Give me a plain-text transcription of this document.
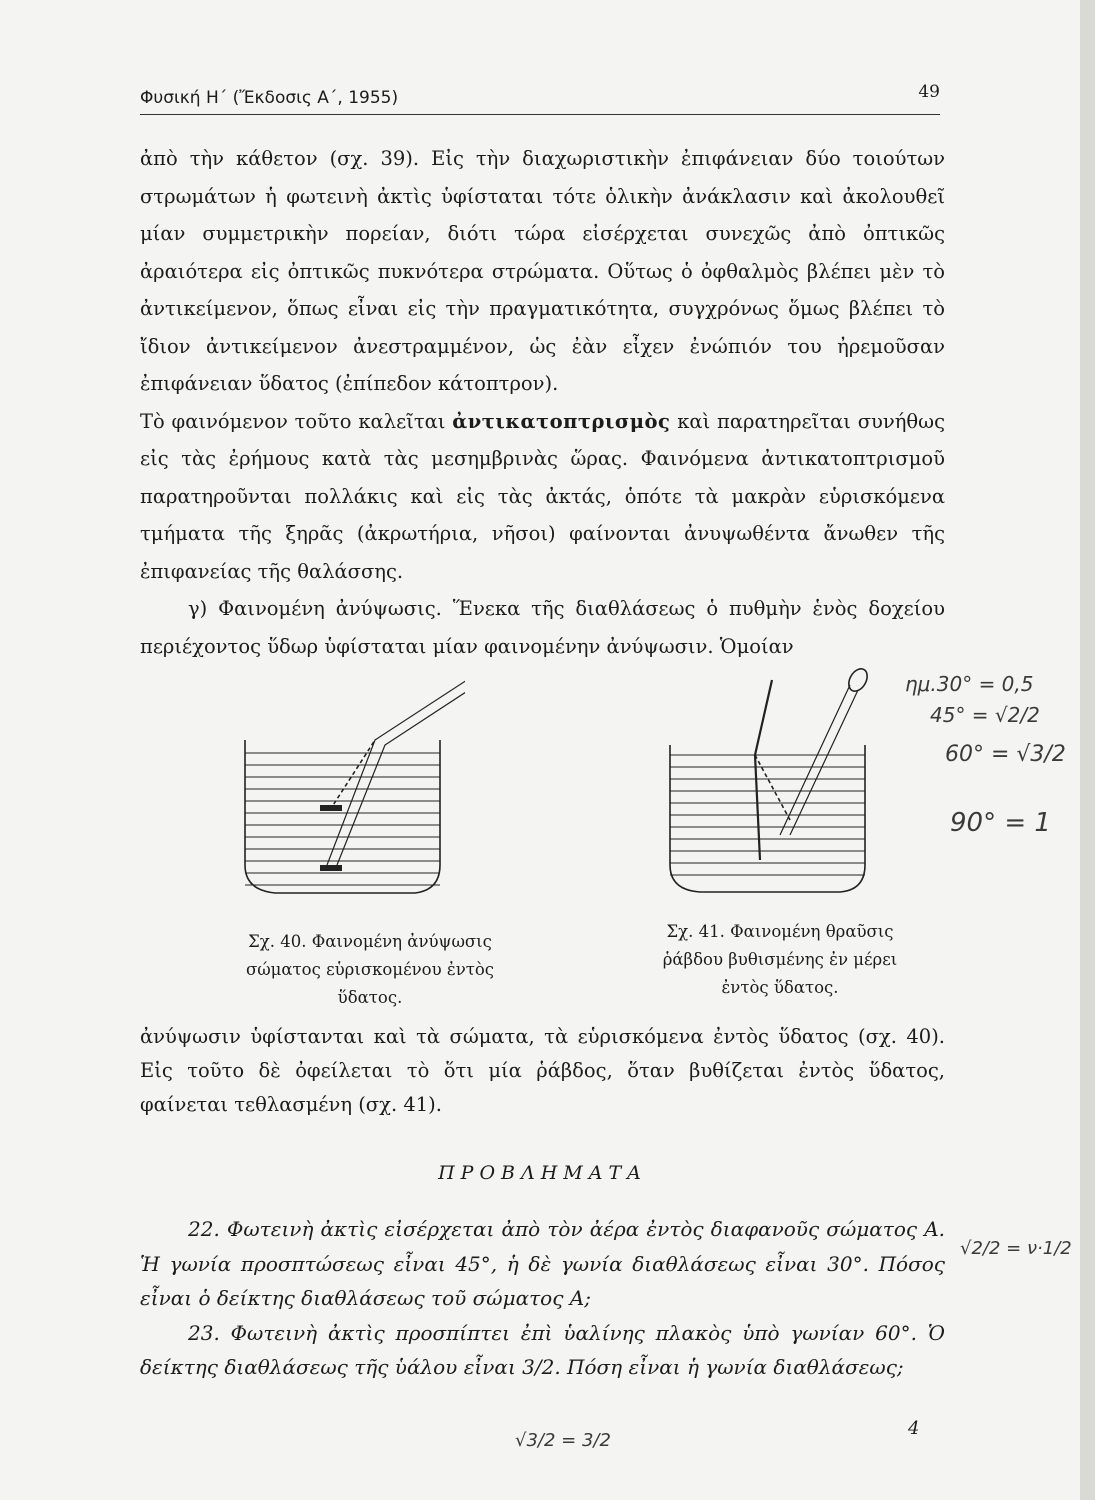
Φυσική Η΄ (Ἔκδοσις Α΄, 1955)	49

ἀπὸ τὴν κάθετον (σχ. 39). Εἰς τὴν διαχωριστικὴν ἐπιφάνειαν δύο τοιούτων στρωμάτων ἡ φωτεινὴ ἀκτὶς ὑφίσταται τότε ὁλικὴν ἀνάκλασιν καὶ ἀκολουθεῖ μίαν συμμετρικὴν πορείαν, διότι τώρα εἰσέρχεται συνεχῶς ἀπὸ ὀπτικῶς ἀραιότερα εἰς ὀπτικῶς πυκνότερα στρώματα. Οὕτως ὁ ὀφθαλμὸς βλέπει μὲν τὸ ἀντικείμενον, ὅπως εἶναι εἰς τὴν πραγματικότητα, συγχρόνως ὅμως βλέπει τὸ ἴδιον ἀντικείμενον ἀνεστραμμένον, ὡς ἐὰν εἶχεν ἐνώπιόν του ἠρεμοῦσαν ἐπιφάνειαν ὕδατος (ἐπίπεδον κάτοπτρον).

Τὸ φαινόμενον τοῦτο καλεῖται ἀντικατοπτρισμὸς καὶ παρατηρεῖται συνήθως εἰς τὰς ἐρήμους κατὰ τὰς μεσημβρινὰς ὥρας. Φαινόμενα ἀντικατοπτρισμοῦ παρατηροῦνται πολλάκις καὶ εἰς τὰς ἀκτάς, ὁπότε τὰ μακρὰν εὑρισκόμενα τμήματα τῆς ξηρᾶς (ἀκρωτήρια, νῆσοι) φαίνονται ἀνυψωθέντα ἄνωθεν τῆς ἐπιφανείας τῆς θαλάσσης.

γ) Φαινομένη ἀνύψωσις. Ἕνεκα τῆς διαθλάσεως ὁ πυθμὴν ἑνὸς δοχείου περιέχοντος ὕδωρ ὑφίσταται μίαν φαινομένην ἀνύψωσιν. Ὁμοίαν

Σχ. 40. Φαινομένη ἀνύψωσις σώματος εὑρισκομένου ἐντὸς ὕδατος.
Σχ. 41. Φαινομένη θραῦσις ῥάβδου βυθισμένης ἐν μέρει ἐντὸς ὕδατος.
ἀνύψωσιν ὑφίστανται καὶ τὰ σώματα, τὰ εὑρισκόμενα ἐντὸς ὕδατος (σχ. 40). Εἰς τοῦτο δὲ ὀφείλεται τὸ ὅτι μία ῥάβδος, ὅταν βυθίζεται ἐντὸς ὕδατος, φαίνεται τεθλασμένη (σχ. 41).
ΠΡΟΒΛΗΜΑΤΑ

22. Φωτεινὴ ἀκτὶς εἰσέρχεται ἀπὸ τὸν ἀέρα ἐντὸς διαφανοῦς σώματος Α. Ἡ γωνία προσπτώσεως εἶναι 45°, ἡ δὲ γωνία διαθλάσεως εἶναι 30°. Πόσος εἶναι ὁ δείκτης διαθλάσεως τοῦ σώματος Α;

23. Φωτεινὴ ἀκτὶς προσπίπτει ἐπὶ ὑαλίνης πλακὸς ὑπὸ γωνίαν 60°. Ὁ δείκτης διαθλάσεως τῆς ὑάλου εἶναι 3/2. Πόση εἶναι ἡ γωνία διαθλάσεως;

4
ημ.30° = 0,5
45° = √2/2
60° = √3/2
90° = 1
√2/2 = ν·1/2
√3/2 = 3/2
